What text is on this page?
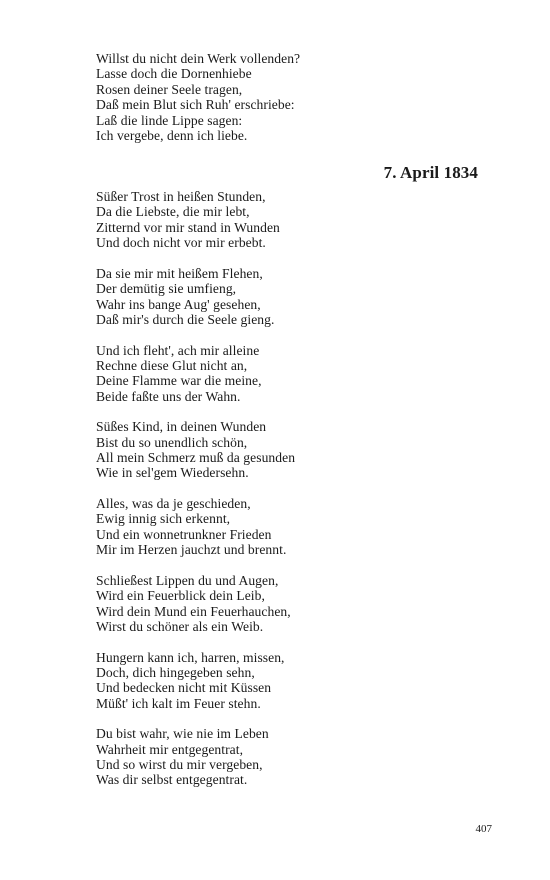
Willst du nicht dein Werk vollenden?
Lasse doch die Dornenhiebe
Rosen deiner Seele tragen,
Daß mein Blut sich Ruh' erschriebe:
Laß die linde Lippe sagen:
Ich vergebe, denn ich liebe.
7. April 1834
Süßer Trost in heißen Stunden,
Da die Liebste, die mir lebt,
Zitternd vor mir stand in Wunden
Und doch nicht vor mir erbebt.
Da sie mir mit heißem Flehen,
Der demütig sie umfieng,
Wahr ins bange Aug' gesehen,
Daß mir's durch die Seele gieng.
Und ich fleht', ach mir alleine
Rechne diese Glut nicht an,
Deine Flamme war die meine,
Beide faßte uns der Wahn.
Süßes Kind, in deinen Wunden
Bist du so unendlich schön,
All mein Schmerz muß da gesunden
Wie in sel'gem Wiedersehn.
Alles, was da je geschieden,
Ewig innig sich erkennt,
Und ein wonnetrunkner Frieden
Mir im Herzen jauchzt und brennt.
Schließest Lippen du und Augen,
Wird ein Feuerblick dein Leib,
Wird dein Mund ein Feuerhauchen,
Wirst du schöner als ein Weib.
Hungern kann ich, harren, missen,
Doch, dich hingegeben sehn,
Und bedecken nicht mit Küssen
Müßt' ich kalt im Feuer stehn.
Du bist wahr, wie nie im Leben
Wahrheit mir entgegentrat,
Und so wirst du mir vergeben,
Was dir selbst entgegentrat.
407
